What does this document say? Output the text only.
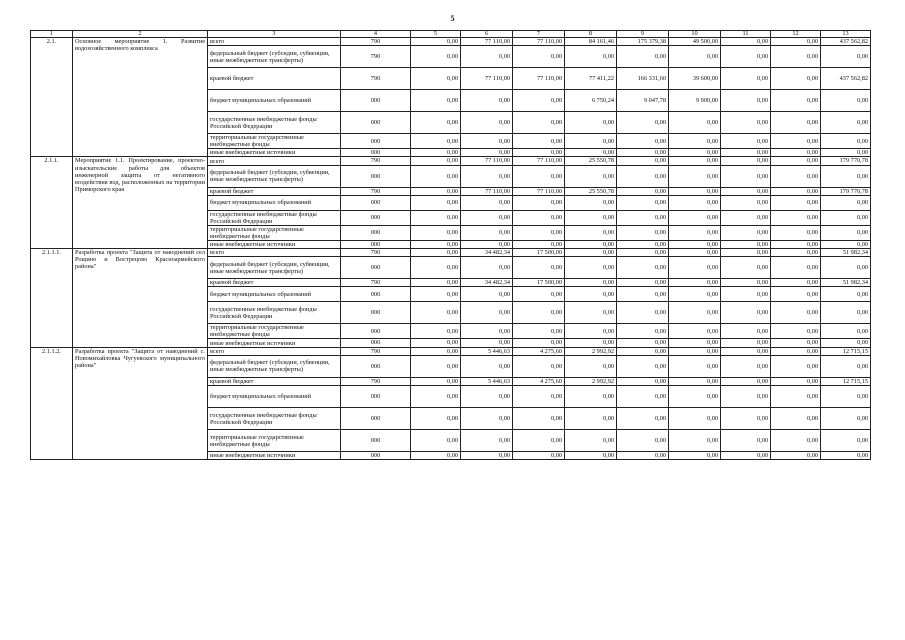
5
1	2	3	4	5	6	7	8	9	10	11	12	13
2.1.	Основное мероприятие 1. Развитие водохозяйственного комплекса	всего	790	0,00	77 110,00	77 110,00	84 161,46	175 379,38	49 500,00	0,00	0,00	437 562,82
		федеральный бюджет (субсидии, субвенции, иные межбюджетные трансферты)	790	0,00	0,00	0,00	0,00	0,00	0,00	0,00	0,00	0,00
		краевой бюджет	790	0,00	77 110,00	77 110,00	77 411,22	166 331,60	39 600,00	0,00	0,00	437 562,82
		бюджет муниципальных образований	000	0,00	0,00	0,00	6 750,24	9 047,78	9 900,00	0,00	0,00	0,00
		государственные внебюджетные фонды Российской Федерации	000	0,00	0,00	0,00	0,00	0,00	0,00	0,00	0,00	0,00
		территориальные государственные внебюджетные фонды	000	0,00	0,00	0,00	0,00	0,00	0,00	0,00	0,00	0,00
		иные внебюджетные источники	000	0,00	0,00	0,00	0,00	0,00	0,00	0,00	0,00	0,00
2.1.1.	Мероприятие 1.1. Проектирование, проектно-изыскательские работы для объектов инженерной защиты от негативного воздействия вод, расположенных на территории Приморского края	всего	790	0,00	77 110,00	77 110,00	25 550,78	0,00	0,00	0,00	0,00	179 770,78
		федеральный бюджет (субсидии, субвенции, иные межбюджетные трансферты)	000	0,00	0,00	0,00	0,00	0,00	0,00	0,00	0,00	0,00
		краевой бюджет	790	0,00	77 110,00	77 110,00	25 550,78	0,00	0,00	0,00	0,00	179 770,78
		бюджет муниципальных образований	000	0,00	0,00	0,00	0,00	0,00	0,00	0,00	0,00	0,00
		государственные внебюджетные фонды Российской Федерации	000	0,00	0,00	0,00	0,00	0,00	0,00	0,00	0,00	0,00
		территориальные государственные внебюджетные фонды	000	0,00	0,00	0,00	0,00	0,00	0,00	0,00	0,00	0,00
		иные внебюджетные источники	000	0,00	0,00	0,00	0,00	0,00	0,00	0,00	0,00	0,00
2.1.1.1.	Разработка проекта "Защита от наводнений сел Рощино и Вострецово Красноармейского района"	всего	790	0,00	34 482,34	17 500,00	0,00	0,00	0,00	0,00	0,00	51 982,34
		федеральный бюджет (субсидии, субвенции, иные межбюджетные трансферты)	000	0,00	0,00	0,00	0,00	0,00	0,00	0,00	0,00	0,00
		краевой бюджет	790	0,00	34 482,34	17 500,00	0,00	0,00	0,00	0,00	0,00	51 982,34
		бюджет муниципальных образований	000	0,00	0,00	0,00	0,00	0,00	0,00	0,00	0,00	0,00
		государственные внебюджетные фонды Российской Федерации	000	0,00	0,00	0,00	0,00	0,00	0,00	0,00	0,00	0,00
		территориальные государственные внебюджетные фонды	000	0,00	0,00	0,00	0,00	0,00	0,00	0,00	0,00	0,00
		иные внебюджетные источники	000	0,00	0,00	0,00	0,00	0,00	0,00	0,00	0,00	0,00
2.1.1.2.	Разработка проекта "Защита от наводнений с. Новомихайловка Чугуевского муниципального района"	всего	790	0,00	5 446,63	4 275,60	2 992,92	0,00	0,00	0,00	0,00	12 715,15
		федеральный бюджет (субсидии, субвенции, иные межбюджетные трансферты)	000	0,00	0,00	0,00	0,00	0,00	0,00	0,00	0,00	0,00
		краевой бюджет	790	0,00	5 446,63	4 275,60	2 992,92	0,00	0,00	0,00	0,00	12 715,15
		бюджет муниципальных образований	000	0,00	0,00	0,00	0,00	0,00	0,00	0,00	0,00	0,00
		государственные внебюджетные фонды Российской Федерации	000	0,00	0,00	0,00	0,00	0,00	0,00	0,00	0,00	0,00
		территориальные государственные внебюджетные фонды	000	0,00	0,00	0,00	0,00	0,00	0,00	0,00	0,00	0,00
		иные внебюджетные источники	000	0,00	0,00	0,00	0,00	0,00	0,00	0,00	0,00	0,00
